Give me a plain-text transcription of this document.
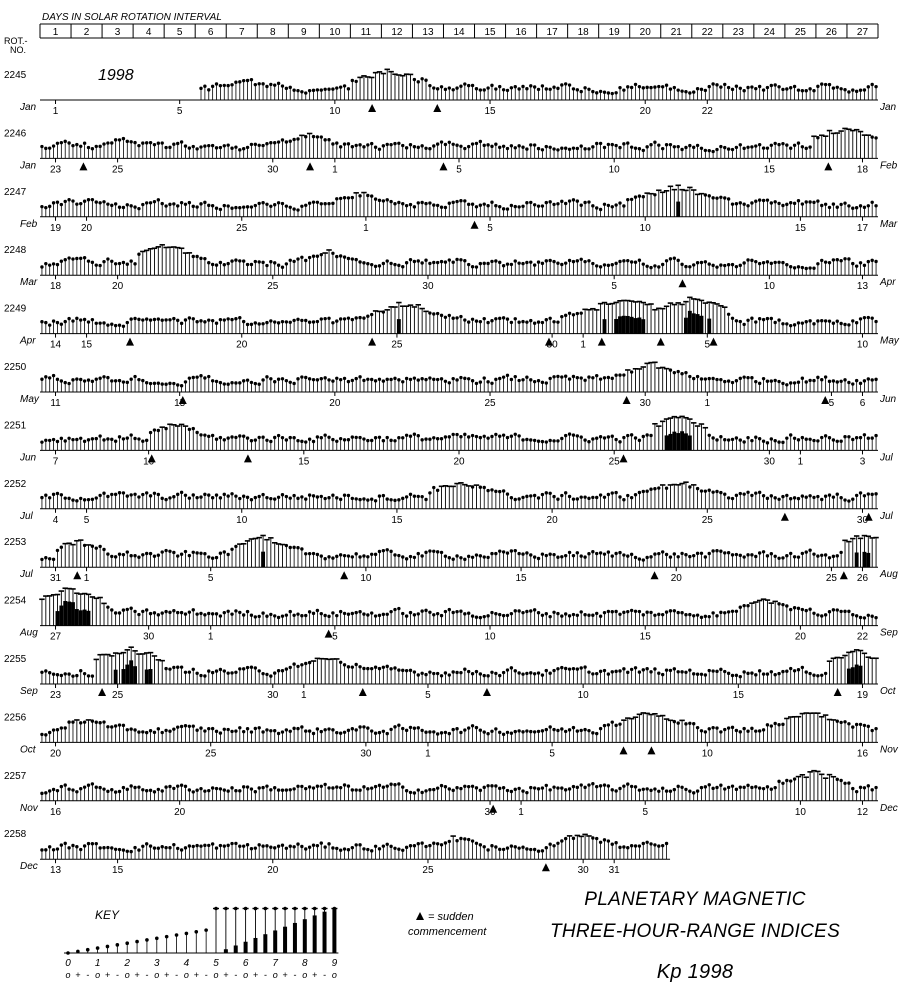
DAYS IN SOLAR ROTATION INTERVAL
1	2	3	4	5	6	7	8	9 10 11 12 13 14 15 16 17 18 19 20 21 22 23 24 25 26 27
ROT.-
NO.
1998
2245
Jan	Jan
1	5	10	15	20	22
2246
Jan	Feb
23	25	30	1	5	10	15	18
2247
Feb	Mar
19 20	25	1	5	10	15	17
2248
Mar	Apr
18	20	25	30	5	10	13
2249
Apr	May
14 15	20	25	30 1	5	10
2250
May	Jun
11	15	20	25	30	1	5	6
2251
Jun	Jul
7	10	15	20	25	30 1	3
2252
Jul	Jul
4	5	10	15	20	25	30
2253
Jul	Aug
31 1	5	10	15	20	25 26
2254
Aug	Sep
27	30	1	5	10	15	20	22
2255
Sep	Oct
23	25	30 1	5	10	15	19
2256
Oct	Nov
20	25	30	1	5	10	16
2257
Nov	Dec
16	20	30 1	5	10	12
2258
Dec 13	15	20	25	30 31
KEY
0 1 2 3 4 5 6 7 8 9
o + - o + - o + - o + - o + - o + - o + - o + - o + - o
= sudden
commencement
PLANETARY MAGNETIC
THREE-HOUR-RANGE INDICES
Kp 1998
